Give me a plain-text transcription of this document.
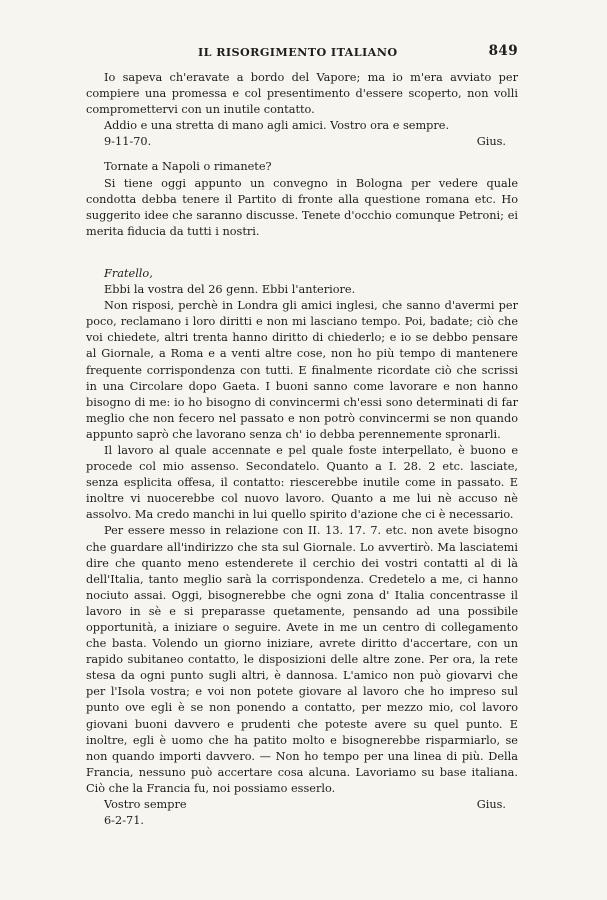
IL RISORGIMENTO ITALIANO	849

Io sapeva ch'eravate a bordo del Vapore; ma io m'era avviato per compiere una promessa e col presentimento d'essere scoperto, non volli compromettervi con un inutile contatto.

Addio e una stretta di mano agli amici. Vostro ora e sempre.

9-11-70.	Gius.

Tornate a Napoli o rimanete?

Si tiene oggi appunto un convegno in Bologna per vedere quale condotta debba tenere il Partito di fronte alla questione romana etc. Ho suggerito idee che saranno discusse. Tenete d'occhio comunque Petroni; ei merita fiducia da tutti i nostri.

Fratello,

Ebbi la vostra del 26 genn. Ebbi l'anteriore.

Non risposi, perchè in Londra gli amici inglesi, che sanno d'avermi per poco, reclamano i loro diritti e non mi lasciano tempo. Poi, badate; ciò che voi chiedete, altri trenta hanno diritto di chiederlo; e io se debbo pensare al Giornale, a Roma e a venti altre cose, non ho più tempo di mantenere frequente corrispondenza con tutti. E finalmente ricordate ciò che scrissi in una Circolare dopo Gaeta. I buoni sanno come lavorare e non hanno bisogno di me: io ho bisogno di convincermi ch'essi sono determinati di far meglio che non fecero nel passato e non potrò convincermi se non quando appunto saprò che lavorano senza ch' io debba perennemente spronarli.

Il lavoro al quale accennate e pel quale foste interpellato, è buono e procede col mio assenso. Secondatelo. Quanto a I. 28. 2 etc. lasciate, senza esplicita offesa, il contatto: riescerebbe inutile come in passato. E inoltre vi nuocerebbe col nuovo lavoro. Quanto a me lui nè accuso nè assolvo. Ma credo manchi in lui quello spirito d'azione che ci è necessario.

Per essere messo in relazione con II. 13. 17. 7. etc. non avete bisogno che guardare all'indirizzo che sta sul Giornale. Lo avvertirò. Ma lasciatemi dire che quanto meno estenderete il cerchio dei vostri contatti al di là dell'Italia, tanto meglio sarà la corrispondenza. Credetelo a me, ci hanno nociuto assai. Oggi, bisognerebbe che ogni zona d' Italia concentrasse il lavoro in sè e si preparasse quetamente, pensando ad una possibile opportunità, a iniziare o seguire. Avete in me un centro di collegamento che basta. Volendo un giorno iniziare, avrete diritto d'accertare, con un rapido subitaneo contatto, le disposizioni delle altre zone. Per ora, la rete stesa da ogni punto sugli altri, è dannosa. L'amico non può giovarvi che per l'Isola vostra; e voi non potete giovare al lavoro che ho impreso sul punto ove egli è se non ponendo a contatto, per mezzo mio, col lavoro giovani buoni davvero e prudenti che poteste avere su quel punto. E inoltre, egli è uomo che ha patito molto e bisognerebbe risparmiarlo, se non quando importi davvero. — Non ho tempo per una linea di più. Della Francia, nessuno può accertare cosa alcuna. Lavoriamo su base italiana. Ciò che la Francia fu, noi possiamo esserlo.

Vostro sempre	Gius.

6-2-71.
